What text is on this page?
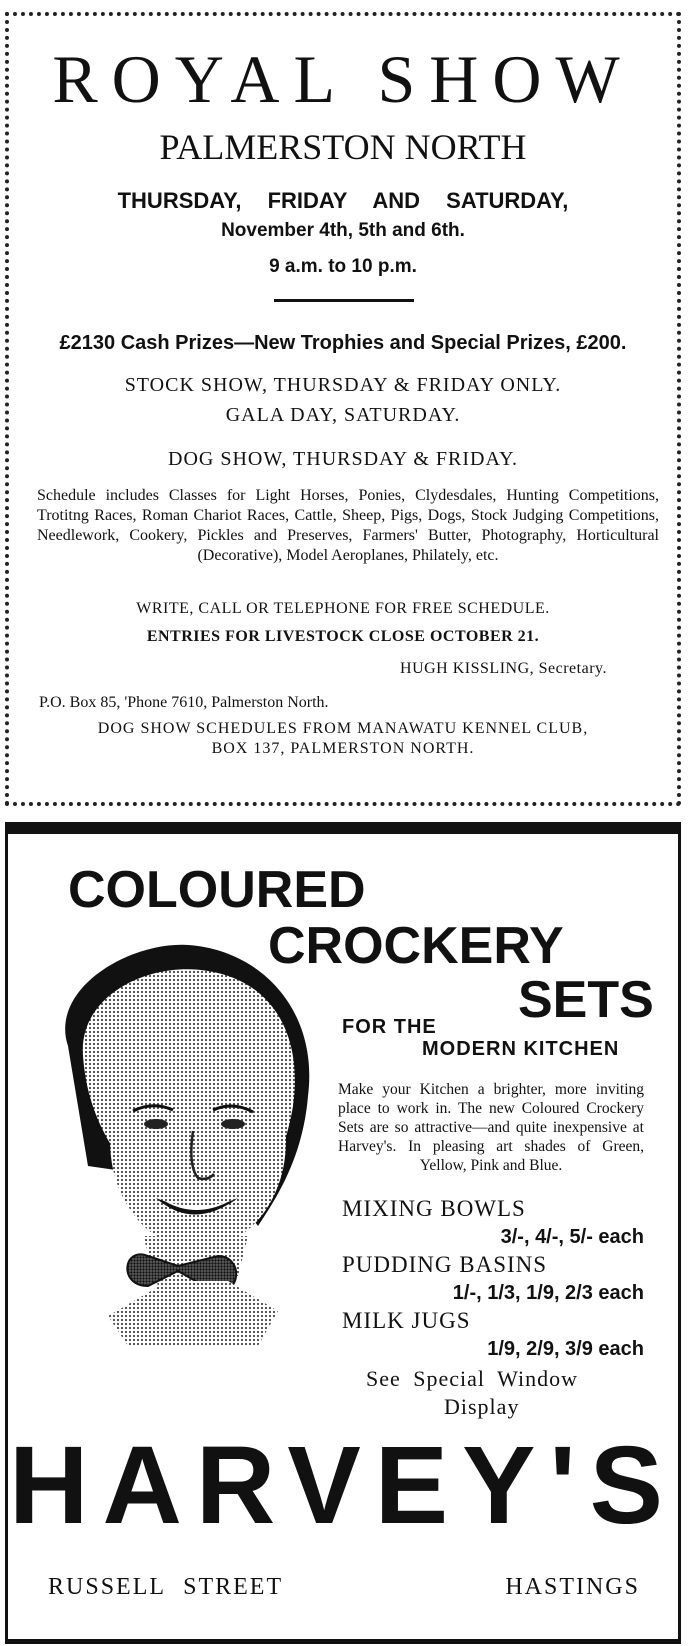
ROYAL SHOW
PALMERSTON NORTH
THURSDAY, FRIDAY AND SATURDAY,
November 4th, 5th and 6th.
9 a.m. to 10 p.m.
£2130 Cash Prizes—New Trophies and Special Prizes, £200.
STOCK SHOW, THURSDAY & FRIDAY ONLY.
GALA DAY, SATURDAY.
DOG SHOW, THURSDAY & FRIDAY.
Schedule includes Classes for Light Horses, Ponies, Clydesdales, Hunting Competitions, Trotitng Races, Roman Chariot Races, Cattle, Sheep, Pigs, Dogs, Stock Judging Competitions, Needlework, Cookery, Pickles and Preserves, Farmers' Butter, Photography, Horticultural (Decorative), Model Aeroplanes, Philately, etc.
WRITE, CALL OR TELEPHONE FOR FREE SCHEDULE.
ENTRIES FOR LIVESTOCK CLOSE OCTOBER 21.
HUGH KISSLING, Secretary.
P.O. Box 85, 'Phone 7610, Palmerston North.
DOG SHOW SCHEDULES FROM MANAWATU KENNEL CLUB,
BOX 137, PALMERSTON NORTH.
COLOURED
CROCKERY
SETS
FOR THE
MODERN KITCHEN
Make your Kitchen a brighter, more inviting place to work in. The new Coloured Crockery Sets are so attractive—and quite inexpensive at Harvey's. In pleasing art shades of Green, Yellow, Pink and Blue.
MIXING BOWLS
3/-, 4/-, 5/- each
PUDDING BASINS
1/-, 1/3, 1/9, 2/3 each
MILK JUGS
1/9, 2/9, 3/9 each
See Special Window
Display
HARVEY'S
RUSSELL STREET	HASTINGS
